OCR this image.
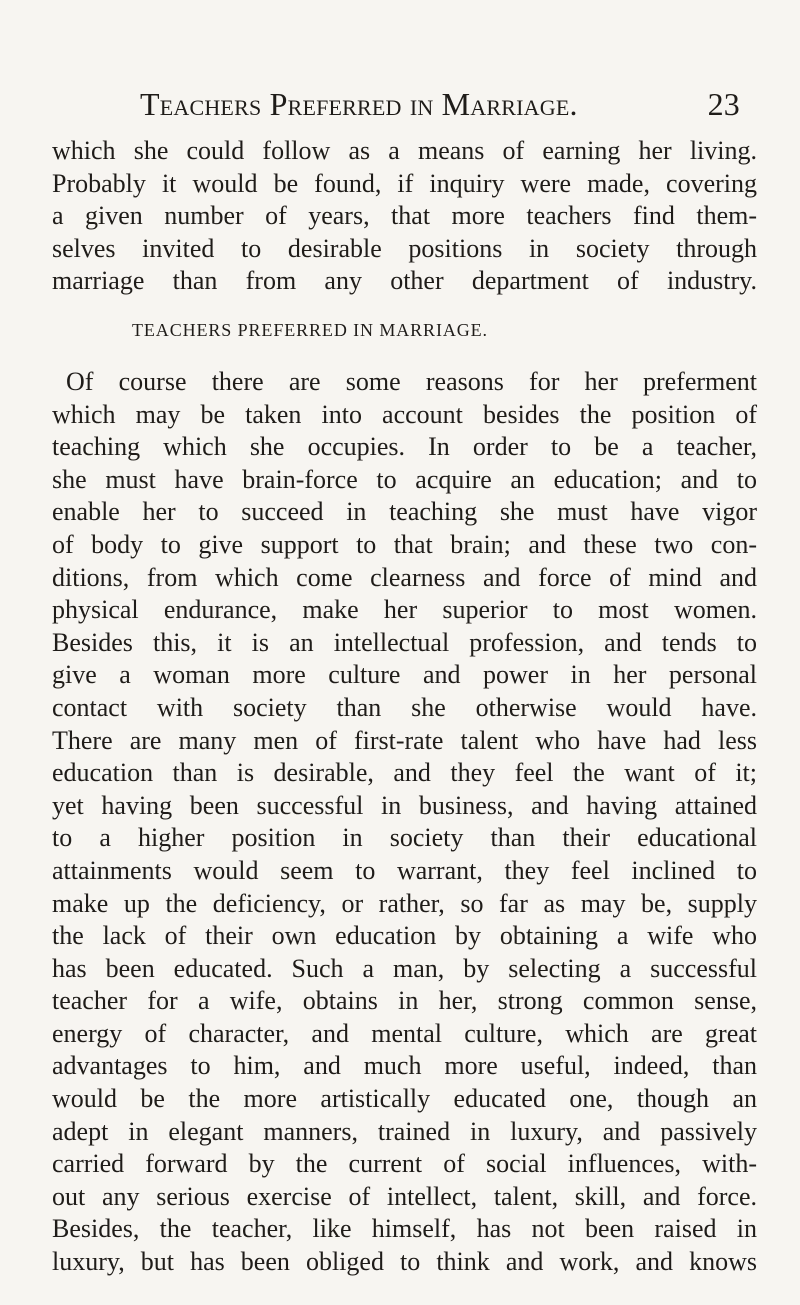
Teachers Preferred in Marriage.	23
which she could follow as a means of earning her living.
Probably it would be found, if inquiry were made, covering
a given number of years, that more teachers find them-
selves invited to desirable positions in society through
marriage than from any other department of industry.
TEACHERS PREFERRED IN MARRIAGE.
Of course there are some reasons for her preferment
which may be taken into account besides the position of
teaching which she occupies. In order to be a teacher,
she must have brain-force to acquire an education; and to
enable her to succeed in teaching she must have vigor
of body to give support to that brain; and these two con-
ditions, from which come clearness and force of mind and
physical endurance, make her superior to most women.
Besides this, it is an intellectual profession, and tends to
give a woman more culture and power in her personal
contact with society than she otherwise would have.
There are many men of first-rate talent who have had less
education than is desirable, and they feel the want of it;
yet having been successful in business, and having attained
to a higher position in society than their educational
attainments would seem to warrant, they feel inclined to
make up the deficiency, or rather, so far as may be, supply
the lack of their own education by obtaining a wife who
has been educated. Such a man, by selecting a successful
teacher for a wife, obtains in her, strong common sense,
energy of character, and mental culture, which are great
advantages to him, and much more useful, indeed, than
would be the more artistically educated one, though an
adept in elegant manners, trained in luxury, and passively
carried forward by the current of social influences, with-
out any serious exercise of intellect, talent, skill, and force.
Besides, the teacher, like himself, has not been raised in
luxury, but has been obliged to think and work, and knows
